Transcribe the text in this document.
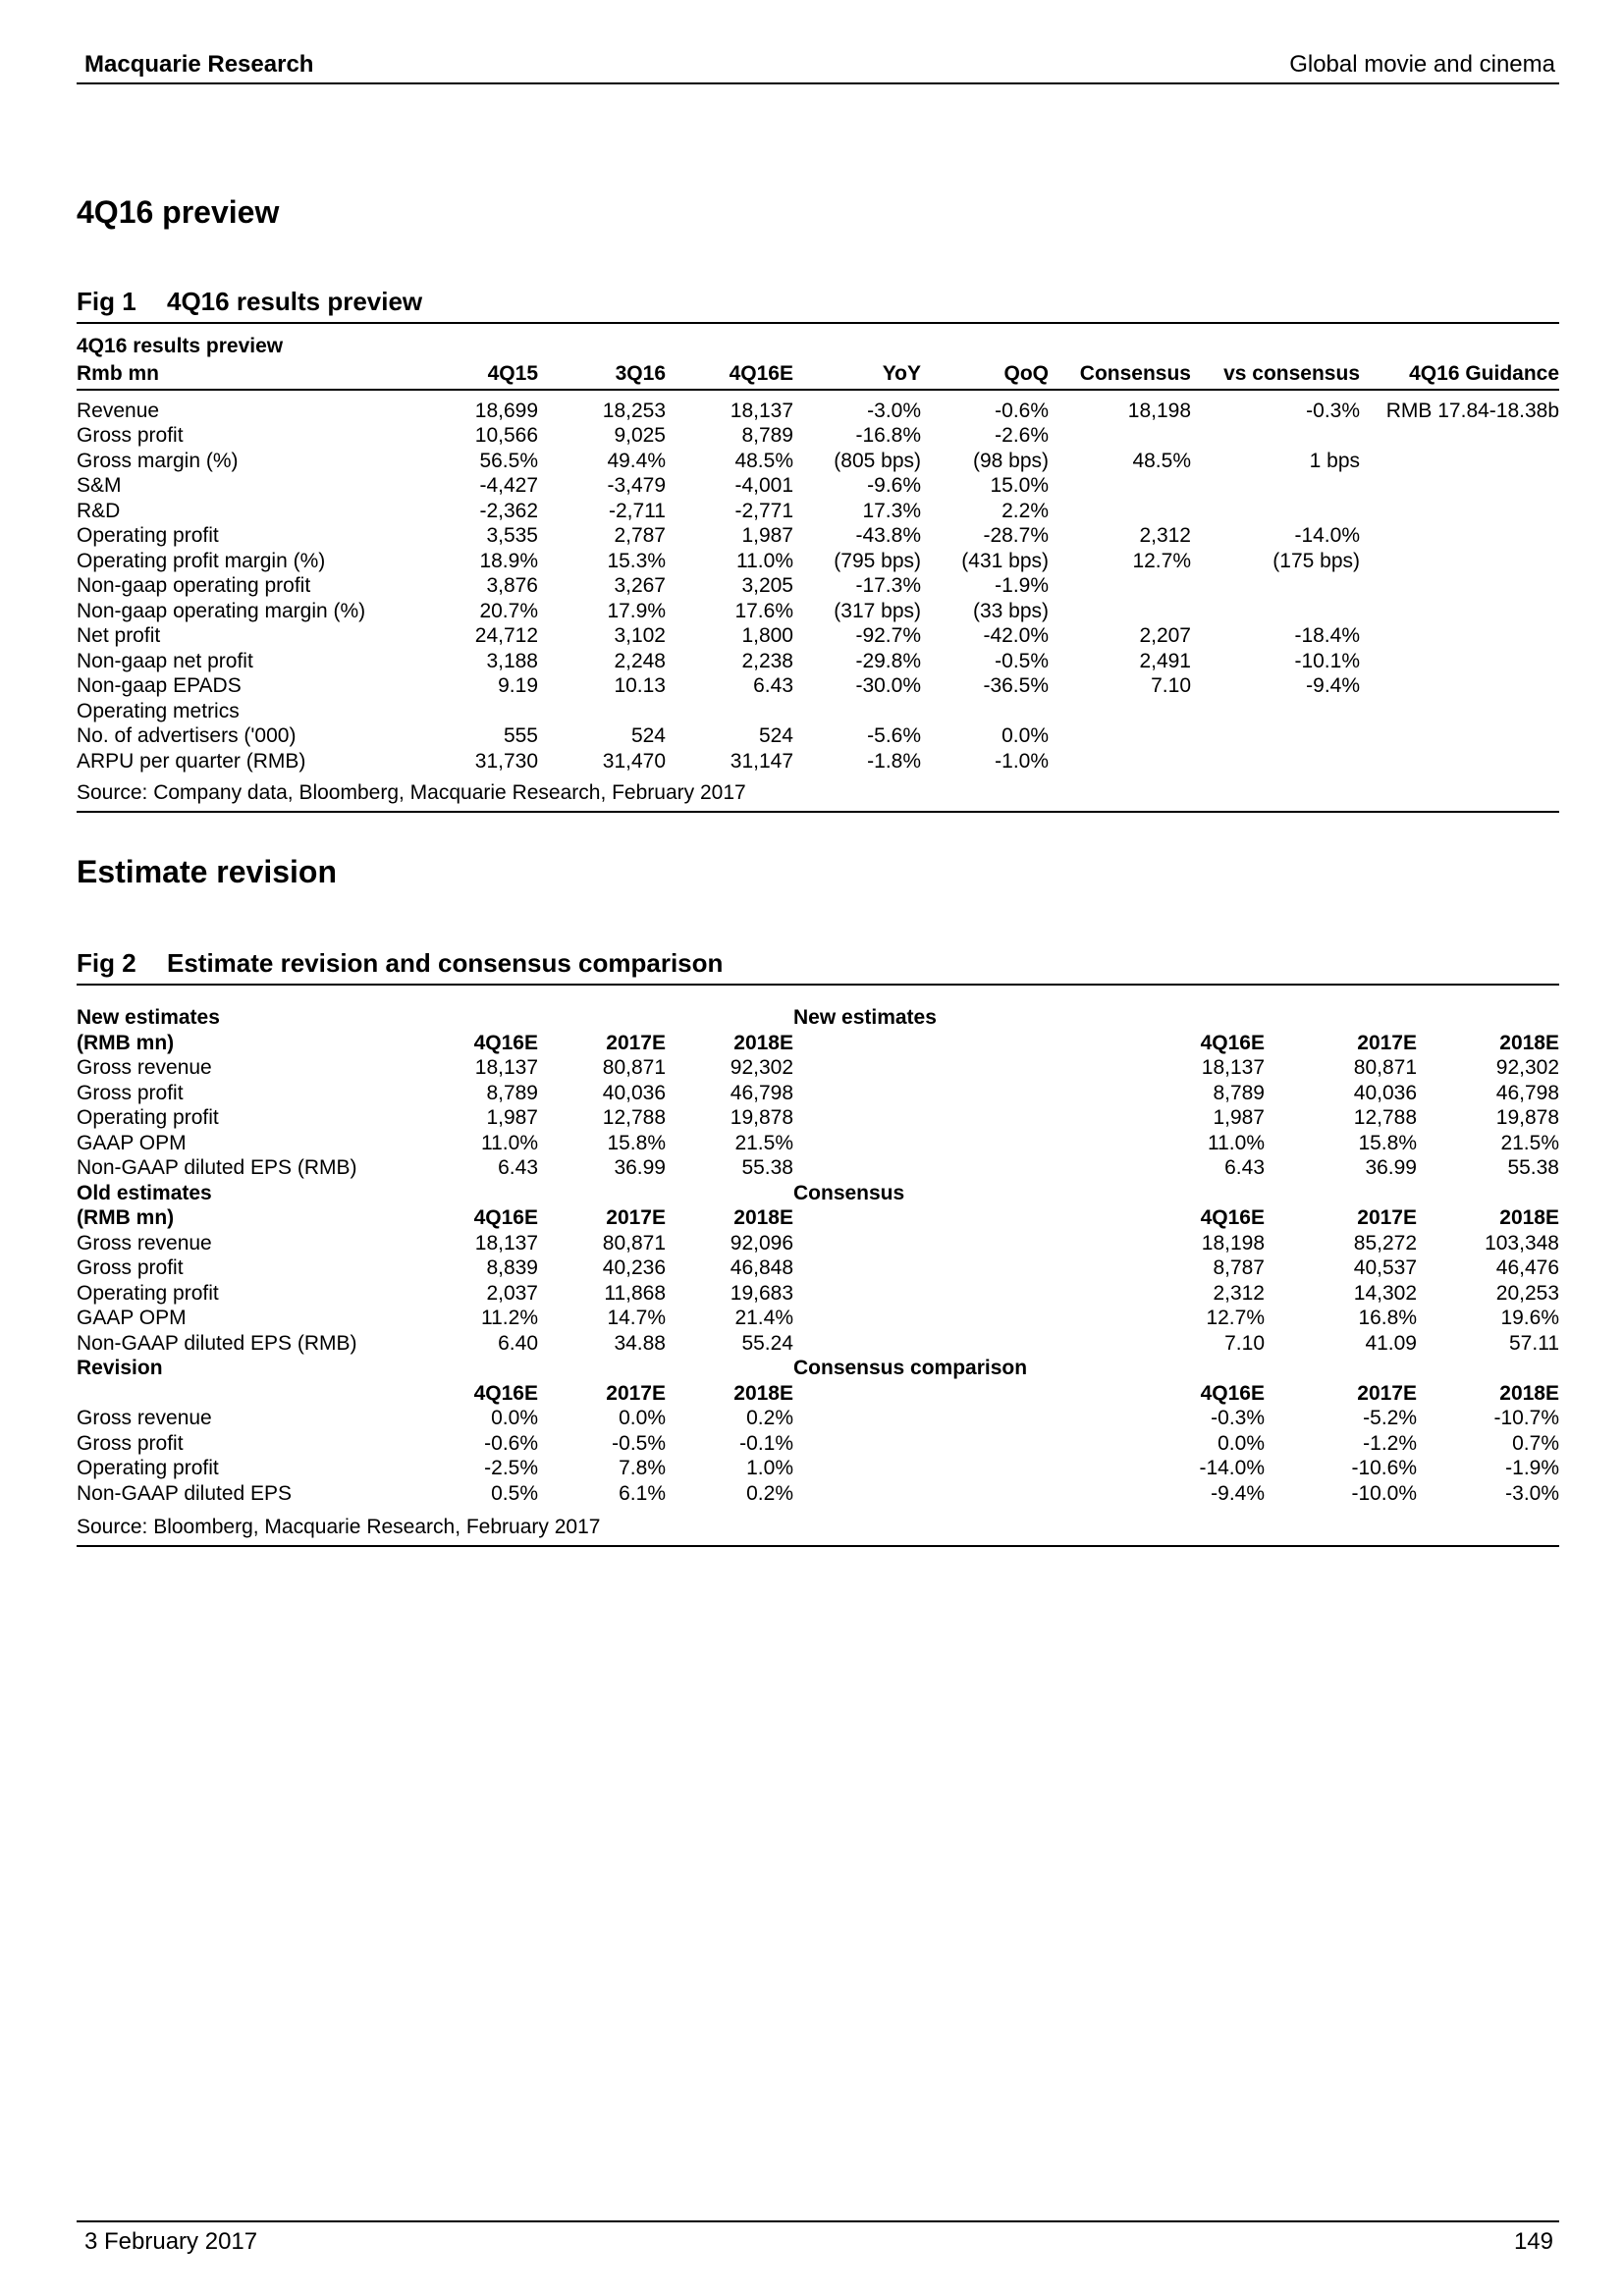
Macquarie Research	Global movie and cinema
4Q16 preview
Fig 1 4Q16 results preview
4Q16 results preview								
Rmb mn	4Q15	3Q16	4Q16E	YoY	QoQ	Consensus	vs consensus	4Q16 Guidance
Revenue	18,699	18,253	18,137	-3.0%	-0.6%	18,198	-0.3%	RMB 17.84-18.38b
Gross profit	10,566	9,025	8,789	-16.8%	-2.6%			
Gross margin (%)	56.5%	49.4%	48.5%	(805 bps)	(98 bps)	48.5%	1 bps	
S&M	-4,427	-3,479	-4,001	-9.6%	15.0%			
R&D	-2,362	-2,711	-2,771	17.3%	2.2%			
Operating profit	3,535	2,787	1,987	-43.8%	-28.7%	2,312	-14.0%	
Operating profit margin (%)	18.9%	15.3%	11.0%	(795 bps)	(431 bps)	12.7%	(175 bps)	
Non-gaap operating profit	3,876	3,267	3,205	-17.3%	-1.9%			
Non-gaap operating margin (%)	20.7%	17.9%	17.6%	(317 bps)	(33 bps)			
Net profit	24,712	3,102	1,800	-92.7%	-42.0%	2,207	-18.4%	
Non-gaap net profit	3,188	2,248	2,238	-29.8%	-0.5%	2,491	-10.1%	
Non-gaap EPADS	9.19	10.13	6.43	-30.0%	-36.5%	7.10	-9.4%	
Operating metrics								
No. of advertisers ('000)	555	524	524	-5.6%	0.0%			
ARPU per quarter (RMB)	31,730	31,470	31,147	-1.8%	-1.0%			
Source: Company data, Bloomberg, Macquarie Research, February 2017								
Estimate revision
Fig 2 Estimate revision and consensus comparison
New estimates				New estimates			
(RMB mn)	4Q16E	2017E	2018E		4Q16E	2017E	2018E
Gross revenue	18,137	80,871	92,302		18,137	80,871	92,302
Gross profit	8,789	40,036	46,798		8,789	40,036	46,798
Operating profit	1,987	12,788	19,878		1,987	12,788	19,878
GAAP OPM	11.0%	15.8%	21.5%		11.0%	15.8%	21.5%
Non-GAAP diluted EPS (RMB)	6.43	36.99	55.38		6.43	36.99	55.38
Old estimates				Consensus			
(RMB mn)	4Q16E	2017E	2018E		4Q16E	2017E	2018E
Gross revenue	18,137	80,871	92,096		18,198	85,272	103,348
Gross profit	8,839	40,236	46,848		8,787	40,537	46,476
Operating profit	2,037	11,868	19,683		2,312	14,302	20,253
GAAP OPM	11.2%	14.7%	21.4%		12.7%	16.8%	19.6%
Non-GAAP diluted EPS (RMB)	6.40	34.88	55.24		7.10	41.09	57.11
Revision				Consensus comparison			
	4Q16E	2017E	2018E		4Q16E	2017E	2018E
Gross revenue	0.0%	0.0%	0.2%		-0.3%	-5.2%	-10.7%
Gross profit	-0.6%	-0.5%	-0.1%		0.0%	-1.2%	0.7%
Operating profit	-2.5%	7.8%	1.0%		-14.0%	-10.6%	-1.9%
Non-GAAP diluted EPS	0.5%	6.1%	0.2%		-9.4%	-10.0%	-3.0%
Source: Bloomberg, Macquarie Research, February 2017							
3 February 2017	149
